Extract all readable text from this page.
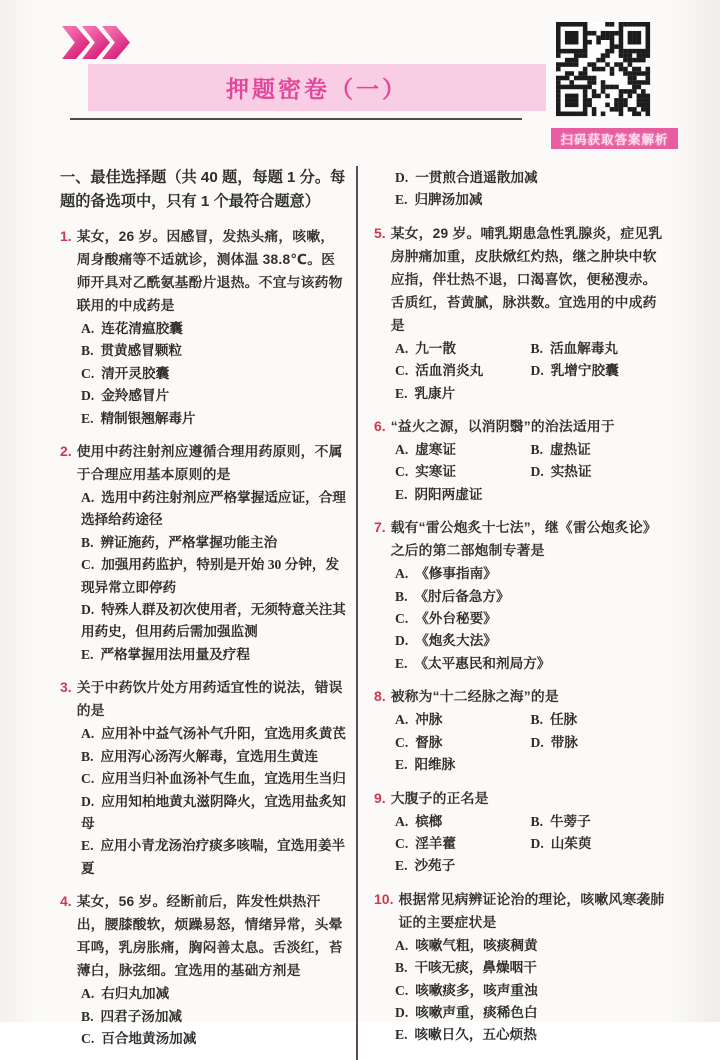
押题密卷（一）
扫码获取答案解析
一、最佳选择题（共 40 题，每题 1 分。每题的备选项中，只有 1 个最符合题意）
1. 某女，26 岁。因感冒，发热头痛，咳嗽，周身酸痛等不适就诊，测体温 38.8℃。医师开具对乙酰氨基酚片退热。不宜与该药物联用的中成药是
A. 连花清瘟胶囊
B. 贯黄感冒颗粒
C. 清开灵胶囊
D. 金羚感冒片
E. 精制银翘解毒片
2. 使用中药注射剂应遵循合理用药原则，不属于合理应用基本原则的是
A. 选用中药注射剂应严格掌握适应证，合理选择给药途径
B. 辨证施药，严格掌握功能主治
C. 加强用药监护，特别是开始 30 分钟，发现异常立即停药
D. 特殊人群及初次使用者，无须特意关注其用药史，但用药后需加强监测
E. 严格掌握用法用量及疗程
3. 关于中药饮片处方用药适宜性的说法，错误的是
A. 应用补中益气汤补气升阳，宜选用炙黄芪
B. 应用泻心汤泻火解毒，宜选用生黄连
C. 应用当归补血汤补气生血，宜选用生当归
D. 应用知柏地黄丸滋阴降火，宜选用盐炙知母
E. 应用小青龙汤治疗痰多咳喘，宜选用姜半夏
4. 某女，56 岁。经断前后，阵发性烘热汗出，腰膝酸软，烦躁易怒，情绪异常，头晕耳鸣，乳房胀痛，胸闷善太息。舌淡红，苔薄白，脉弦细。宜选用的基础方剂是
A. 右归丸加减
B. 四君子汤加减
C. 百合地黄汤加减
D. 一贯煎合逍遥散加减
E. 归脾汤加减
5. 某女，29 岁。哺乳期患急性乳腺炎，症见乳房肿痛加重，皮肤焮红灼热，继之肿块中软应指，伴壮热不退，口渴喜饮，便秘溲赤。舌质红，苔黄腻，脉洪数。宜选用的中成药是
A. 九一散	B. 活血解毒丸
C. 活血消炎丸	D. 乳增宁胶囊
E. 乳康片
6. “益火之源，以消阴翳”的治法适用于
A. 虚寒证	B. 虚热证
C. 实寒证	D. 实热证
E. 阴阳两虚证
7. 载有“雷公炮炙十七法”，继《雷公炮炙论》之后的第二部炮制专著是
A. 《修事指南》
B. 《肘后备急方》
C. 《外台秘要》
D. 《炮炙大法》
E. 《太平惠民和剂局方》
8. 被称为“十二经脉之海”的是
A. 冲脉	B. 任脉
C. 督脉	D. 带脉
E. 阳维脉
9. 大腹子的正名是
A. 槟榔	B. 牛蒡子
C. 淫羊藿	D. 山茱萸
E. 沙苑子
10. 根据常见病辨证论治的理论，咳嗽风寒袭肺证的主要症状是
A. 咳嗽气粗，咳痰稠黄
B. 干咳无痰，鼻燥咽干
C. 咳嗽痰多，咳声重浊
D. 咳嗽声重，痰稀色白
E. 咳嗽日久，五心烦热
